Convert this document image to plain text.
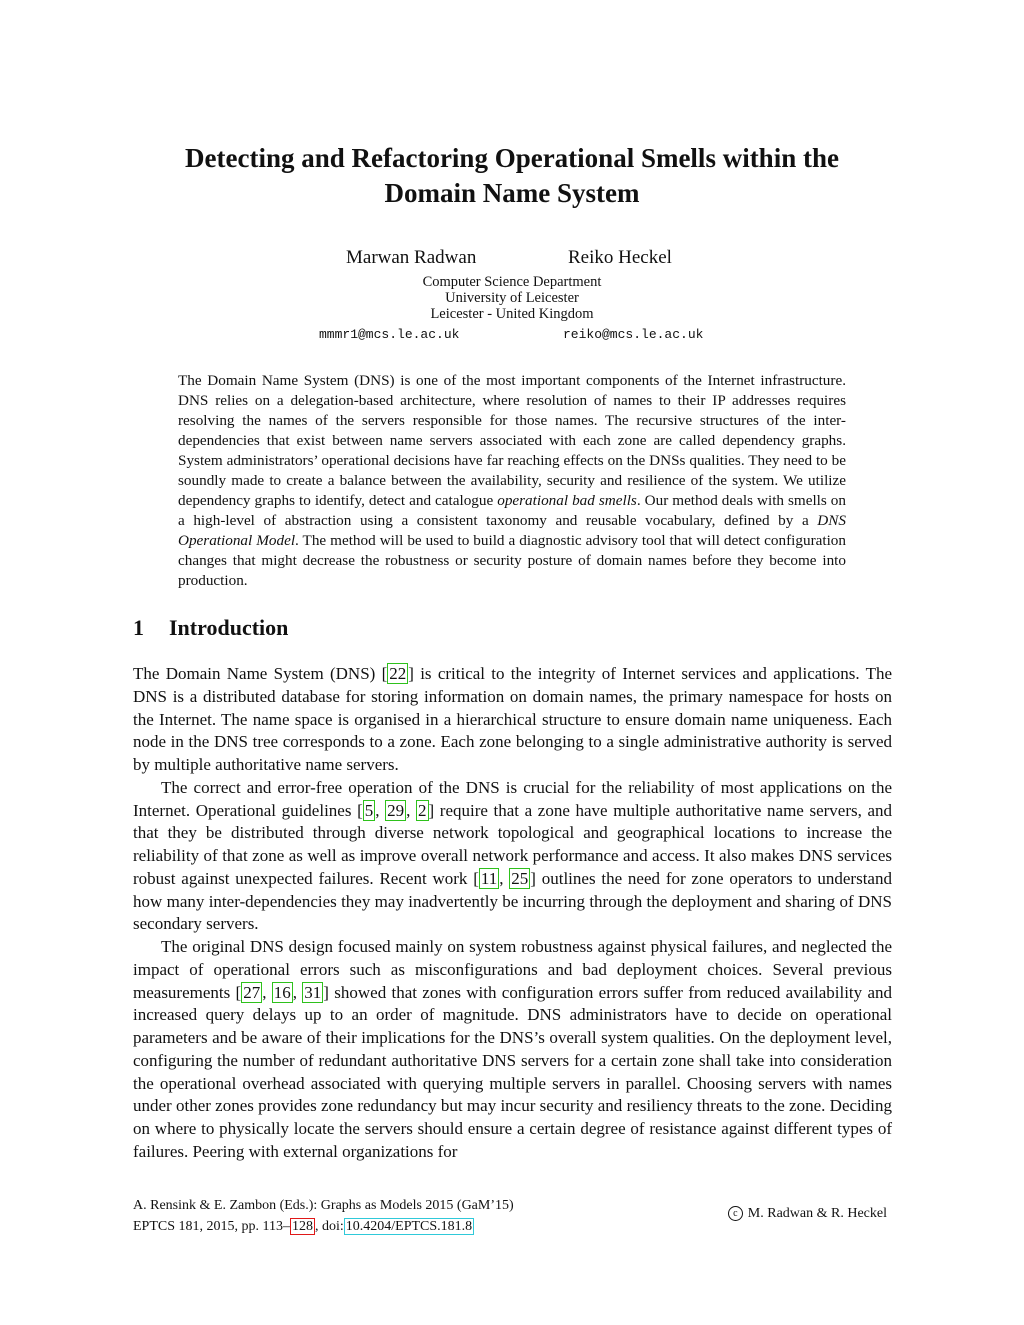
Detecting and Refactoring Operational Smells within the
Domain Name System
Marwan Radwan	Reiko Heckel
Computer Science Department
University of Leicester
Leicester - United Kingdom
mmmr1@mcs.le.ac.uk	reiko@mcs.le.ac.uk

The Domain Name System (DNS) is one of the most important components of the Internet infrastructure. DNS relies on a delegation-based architecture, where resolution of names to their IP addresses requires resolving the names of the servers responsible for those names. The recursive structures of the inter-dependencies that exist between name servers associated with each zone are called dependency graphs. System administrators’ operational decisions have far reaching effects on the DNSs qualities. They need to be soundly made to create a balance between the availability, security and resilience of the system. We utilize dependency graphs to identify, detect and catalogue operational bad smells. Our method deals with smells on a high-level of abstraction using a consistent taxonomy and reusable vocabulary, defined by a DNS Operational Model. The method will be used to build a diagnostic advisory tool that will detect configuration changes that might decrease the robustness or security posture of domain names before they become into production.

1 Introduction

The Domain Name System (DNS) [ 22 ] is critical to the integrity of Internet services and applications. The DNS is a distributed database for storing information on domain names, the primary namespace for hosts on the Internet. The name space is organised in a hierarchical structure to ensure domain name uniqueness. Each node in the DNS tree corresponds to a zone. Each zone belonging to a single administrative authority is served by multiple authoritative name servers.

The correct and error-free operation of the DNS is crucial for the reliability of most applications on the Internet. Operational guidelines [ 5 , 29 , 2 ] require that a zone have multiple authoritative name servers, and that they be distributed through diverse network topological and geographical locations to increase the reliability of that zone as well as improve overall network performance and access. It also makes DNS services robust against unexpected failures. Recent work [ 11 , 25 ] outlines the need for zone operators to understand how many inter-dependencies they may inadvertently be incurring through the deployment and sharing of DNS secondary servers.

The original DNS design focused mainly on system robustness against physical failures, and neglected the impact of operational errors such as misconfigurations and bad deployment choices. Several previous measurements [ 27 , 16 , 31 ] showed that zones with configuration errors suffer from reduced availability and increased query delays up to an order of magnitude. DNS administrators have to decide on operational parameters and be aware of their implications for the DNS’s overall system qualities. On the deployment level, configuring the number of redundant authoritative DNS servers for a certain zone shall take into consideration the operational overhead associated with querying multiple servers in parallel. Choosing servers with names under other zones provides zone redundancy but may incur security and resiliency threats to the zone. Deciding on where to physically locate the servers should ensure a certain degree of resistance against different types of failures. Peering with external organizations for

A. Rensink & E. Zambon (Eds.): Graphs as Models 2015 (GaM’15)
EPTCS 181, 2015, pp. 113– 128 , doi: 10.4204/EPTCS.181.8
c M. Radwan & R. Heckel
